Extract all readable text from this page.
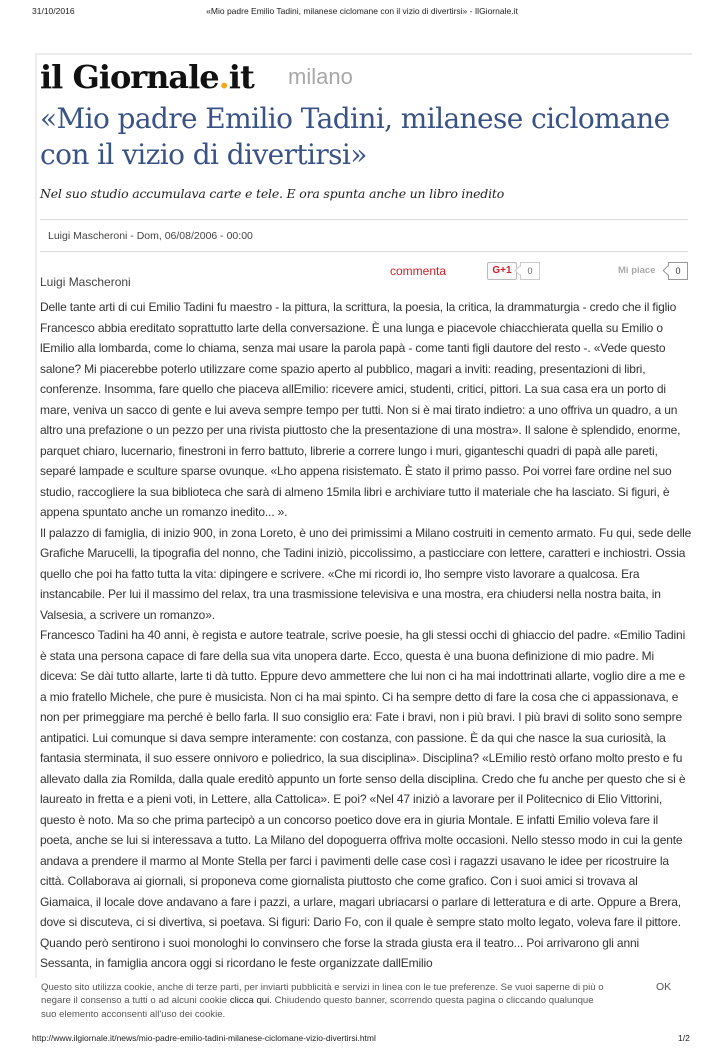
31/10/2016	«Mio padre Emilio Tadini, milanese ciclomane con il vizio di divertirsi» - IlGiornale.it
il Giornale.it milano
«Mio padre Emilio Tadini, milanese ciclomane con il vizio di divertirsi»
Nel suo studio accumulava carte e tele. E ora spunta anche un libro inedito
Luigi Mascheroni - Dom, 06/08/2006 - 00:00
Luigi Mascheroni
commenta	G+1	0	Mi piace	0

Delle tante arti di cui Emilio Tadini fu maestro - la pittura, la scrittura, la poesia, la critica, la drammaturgia - credo che il figlio Francesco abbia ereditato soprattutto larte della conversazione. È una lunga e piacevole chiacchierata quella su Emilio o lEmilio alla lombarda, come lo chiama, senza mai usare la parola papà - come tanti figli dautore del resto -. «Vede questo salone? Mi piacerebbe poterlo utilizzare come spazio aperto al pubblico, magari a inviti: reading, presentazioni di libri, conferenze. Insomma, fare quello che piaceva allEmilio: ricevere amici, studenti, critici, pittori. La sua casa era un porto di mare, veniva un sacco di gente e lui aveva sempre tempo per tutti. Non si è mai tirato indietro: a uno offriva un quadro, a un altro una prefazione o un pezzo per una rivista piuttosto che la presentazione di una mostra». Il salone è splendido, enorme, parquet chiaro, lucernario, finestroni in ferro battuto, librerie a correre lungo i muri, giganteschi quadri di papà alle pareti, separé lampade e sculture sparse ovunque. «Lho appena risistemato. È stato il primo passo. Poi vorrei fare ordine nel suo studio, raccogliere la sua biblioteca che sarà di almeno 15mila libri e archiviare tutto il materiale che ha lasciato. Si figuri, è appena spuntato anche un romanzo inedito... ».

Il palazzo di famiglia, di inizio 900, in zona Loreto, è uno dei primissimi a Milano costruiti in cemento armato. Fu qui, sede delle Grafiche Marucelli, la tipografia del nonno, che Tadini iniziò, piccolissimo, a pasticciare con lettere, caratteri e inchiostri. Ossia quello che poi ha fatto tutta la vita: dipingere e scrivere. «Che mi ricordi io, lho sempre visto lavorare a qualcosa. Era instancabile. Per lui il massimo del relax, tra una trasmissione televisiva e una mostra, era chiudersi nella nostra baita, in Valsesia, a scrivere un romanzo».

Francesco Tadini ha 40 anni, è regista e autore teatrale, scrive poesie, ha gli stessi occhi di ghiaccio del padre. «Emilio Tadini è stata una persona capace di fare della sua vita unopera darte. Ecco, questa è una buona definizione di mio padre. Mi diceva: Se dài tutto allarte, larte ti dà tutto. Eppure devo ammettere che lui non ci ha mai indottrinati allarte, voglio dire a me e a mio fratello Michele, che pure è musicista. Non ci ha mai spinto. Ci ha sempre detto di fare la cosa che ci appassionava, e non per primeggiare ma perché è bello farla. Il suo consiglio era: Fate i bravi, non i più bravi. I più bravi di solito sono sempre antipatici. Lui comunque si dava sempre interamente: con costanza, con passione. È da qui che nasce la sua curiosità, la fantasia sterminata, il suo essere onnivoro e poliedrico, la sua disciplina». Disciplina? «LEmilio restò orfano molto presto e fu allevato dalla zia Romilda, dalla quale ereditò appunto un forte senso della disciplina. Credo che fu anche per questo che si è laureato in fretta e a pieni voti, in Lettere, alla Cattolica». E poi? «Nel 47 iniziò a lavorare per il Politecnico di Elio Vittorini, questo è noto. Ma so che prima partecipò a un concorso poetico dove era in giuria Montale. E infatti Emilio voleva fare il poeta, anche se lui si interessava a tutto. La Milano del dopoguerra offriva molte occasioni. Nello stesso modo in cui la gente andava a prendere il marmo al Monte Stella per farci i pavimenti delle case così i ragazzi usavano le idee per ricostruire la città. Collaborava ai giornali, si proponeva come giornalista piuttosto che come grafico. Con i suoi amici si trovava al Giamaica, il locale dove andavano a fare i pazzi, a urlare, magari ubriacarsi o parlare di letteratura e di arte. Oppure a Brera, dove si discuteva, ci si divertiva, si poetava. Si figuri: Dario Fo, con il quale è sempre stato molto legato, voleva fare il pittore. Quando però sentirono i suoi monologhi lo convinsero che forse la strada giusta era il teatro... Poi arrivarono gli anni Sessanta, in famiglia ancora oggi si ricordano le feste organizzate dallEmilio

Questo sito utilizza cookie, anche di terze parti, per inviarti pubblicità e servizi in linea con le tue preferenze. Se vuoi saperne di più o negare il consenso a tutti o ad alcuni cookie clicca qui. Chiudendo questo banner, scorrendo questa pagina o cliccando qualunque suo elemento acconsenti all'uso dei cookie.
OK
http://www.ilgiornale.it/news/mio-padre-emilio-tadini-milanese-ciclomane-vizio-divertirsi.html	1/2
